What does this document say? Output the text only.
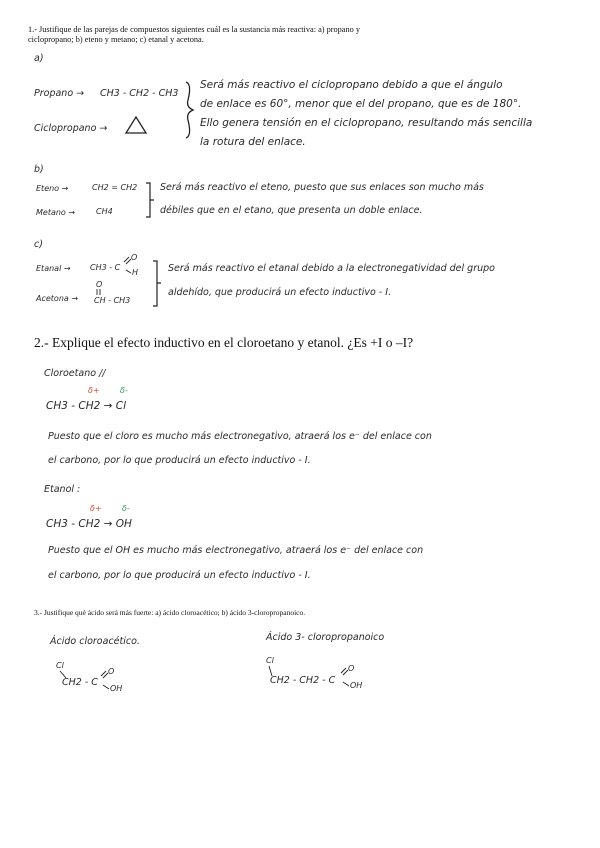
1.- Justifique de las parejas de compuestos siguientes cuál es la sustancia más reactiva: a) propano y ciclopropano; b) eteno y metano; c) etanal y acetona.
a)
Propano → CH3 - CH2 - CH3
Ciclopropano →
Será más reactivo el ciclopropano debido a que el ángulo
de enlace es 60°, menor que el del propano, que es de 180°.
Ello genera tensión en el ciclopropano, resultando más sencilla
la rotura del enlace.
b)
Eteno →	CH2 = CH2
Metano →	CH4
Será más reactivo el eteno, puesto que sus enlaces son mucho más
débiles que en el etano, que presenta un doble enlace.
c)
Etanal → CH3 - C
O
H
Acetona →
O
CH - CH3
Será más reactivo el etanal debido a la electronegatividad del grupo
aldehído, que producirá un efecto inductivo - I.
2.- Explique el efecto inductivo en el cloroetano y etanol. ¿Es +I o –I?
Cloroetano //
δ+	δ-
CH3 - CH2 → Cl
Puesto que el cloro es mucho más electronegativo, atraerá los e⁻ del enlace con
el carbono, por lo que producirá un efecto inductivo - I.
Etanol :
δ+	δ-
CH3 - CH2 → OH
Puesto que el OH es mucho más electronegativo, atraerá los e⁻ del enlace con
el carbono, por lo que producirá un efecto inductivo - I.
3.- Justifique qué ácido será más fuerte: a) ácido cloroacético; b) ácido 3-cloropropanoico.
Ácido cloroacético.
Cl
CH2 - C
O
OH
Ácido 3- cloropropanoico
Cl
CH2 - CH2 - C
O
OH
